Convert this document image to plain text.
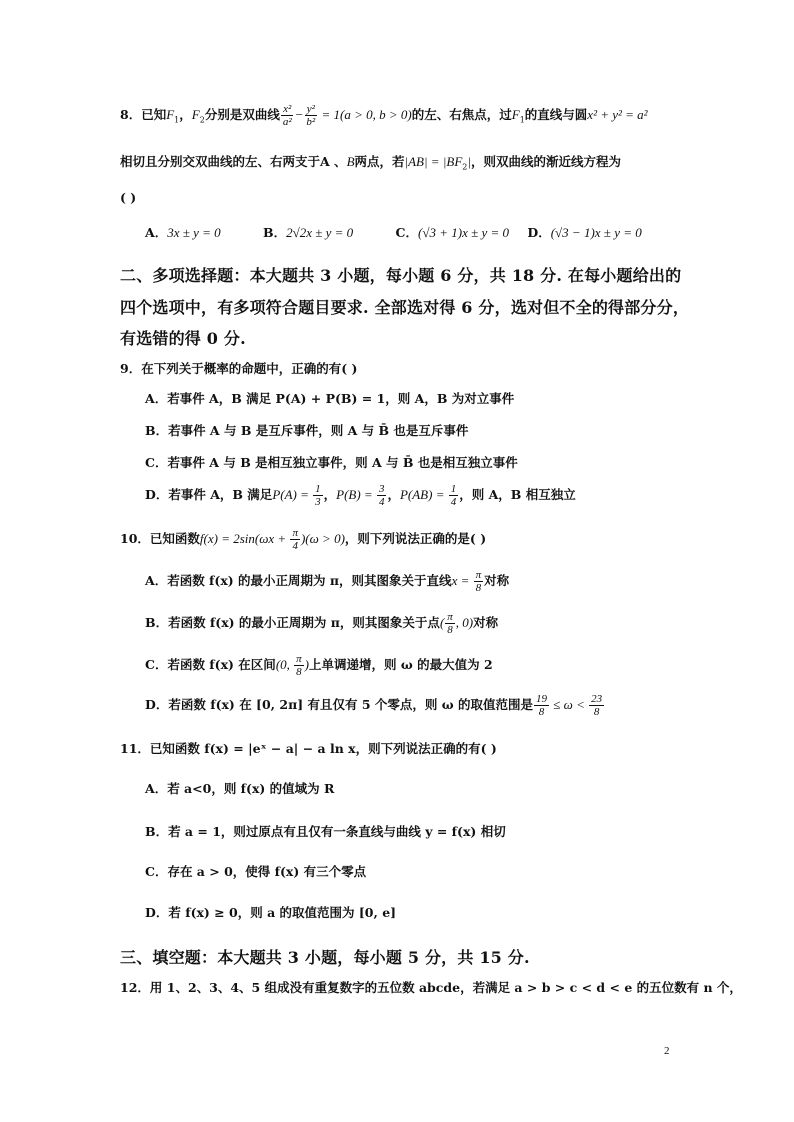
8．已知$F_1$，$F_2$分别是双曲线 $\frac{\text{x²}}{\text{a²}} - \frac{\text{y²}}{\text{b²}} = 1(a > 0$, b > 0)的左、右焦点，过$F_1$的直线与圆x² + y² = a²
相切且分别交双曲线的左、右两支于A 、B两点，若$|AB| = |BF_2|$，则双曲线的渐近线方程为
( )
A．3x ± y = 0	B．2√2x ± y = 0	C．(√3 + 1)x ± y = 0 D．(√3 − 1)x ± y = 0
二、多项选择题：本大题共 3 小题，每小题 6 分，共 18 分. 在每小题给出的
四个选项中，有多项符合题目要求. 全部选对得 6 分，选对但不全的得部分分，
有选错的得 0 分.
9．在下列关于概率的命题中，正确的有( )
A．若事件 A，B 满足 P(A) + P(B) = 1，则 A，B 为对立事件
B．若事件 A 与 B 是互斥事件，则 A 与 B̄ 也是互斥事件
C．若事件 A 与 B 是相互独立事件，则 A 与 B̄ 也是相互独立事件
D．若事件 A，B 满足$P(A) = \frac{1}{3}$ ，$P(B) = \frac{3}{4}$ ，$P(AB) = \frac{1}{4}$ ，则 A，B 相互独立
10．已知函数$f(x) = 2\sin(\omega x + \frac{\pi}{4} )(\omega > 0)$，则下列说法正确的是( )
A．若函数 f(x) 的最小正周期为 π，则其图象关于直线$x = \frac{\pi}{8}$ 对称
B．若函数 f(x) 的最小正周期为 π，则其图象关于点( $\frac{\pi}{8}$ , 0)对称
C．若函数 f(x) 在区间(0, $\frac{\pi}{8}$ )上单调递增，则 ω 的最大值为 2
D．若函数 f(x) 在 [0, 2π] 有且仅有 5 个零点，则 ω 的取值范围是 $\frac{19}{8} \le \omega < \frac{23}{8}$
11．已知函数 f(x) = |eˣ − a| − a ln x，则下列说法正确的有( )
A．若 a<0，则 f(x) 的值域为 R
B．若 a = 1，则过原点有且仅有一条直线与曲线 y = f(x) 相切
C．存在 a > 0，使得 f(x) 有三个零点
D．若 f(x) ≥ 0，则 a 的取值范围为 [0, e]
三、填空题：本大题共 3 小题，每小题 5 分，共 15 分.
12．用 1、2、3、4、5 组成没有重复数字的五位数 abcde，若满足 a > b > c < d < e 的五位数有 n 个，
2
